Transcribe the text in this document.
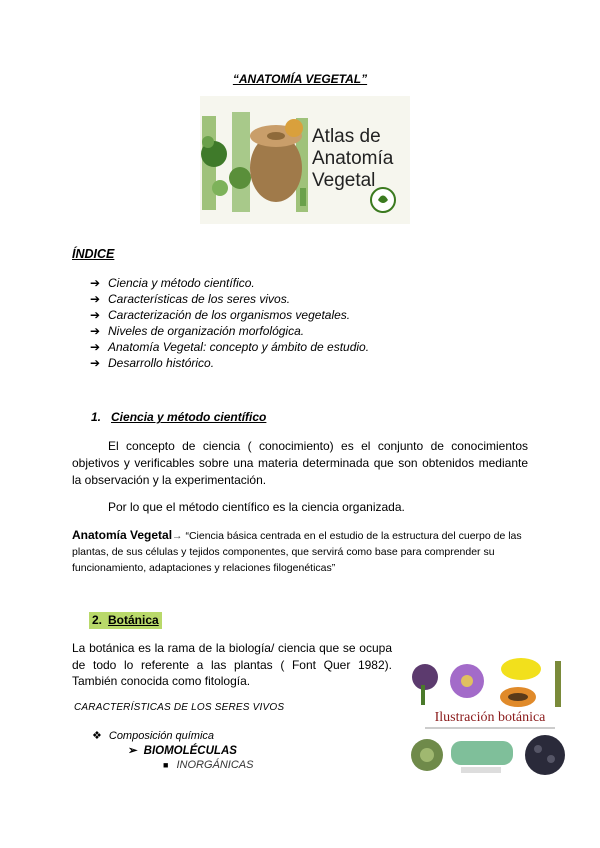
“ANATOMÍA VEGETAL”
Atlas de
Anatomía
Vegetal
ÍNDICE
➔ Ciencia y método científico.
➔ Características de los seres vivos.
➔ Caracterización de los organismos vegetales.
➔ Niveles de organización morfológica.
➔ Anatomía Vegetal: concepto y ámbito de estudio.
➔ Desarrollo histórico.
1. Ciencia y método científico
El concepto de ciencia ( conocimiento) es el conjunto de conocimientos objetivos y verificables sobre una materia determinada que son obtenidos mediante la observación y la experimentación.
Por lo que el método científico es la ciencia organizada.
Anatomía Vegetal→ “Ciencia básica centrada en el estudio de la estructura del cuerpo de las plantas, de sus células y tejidos componentes, que servirá como base para comprender su funcionamiento, adaptaciones y relaciones filogenéticas”
2. Botánica
La botánica es la rama de la biología/ ciencia que se ocupa de todo lo referente a las plantas ( Font Quer 1982). También conocida como fitología.
CARACTERÍSTICAS DE LOS SERES VIVOS
❖ Composición química
➢ BIOMOLÉCULAS
■ INORGÁNICAS
Ilustración botánica
